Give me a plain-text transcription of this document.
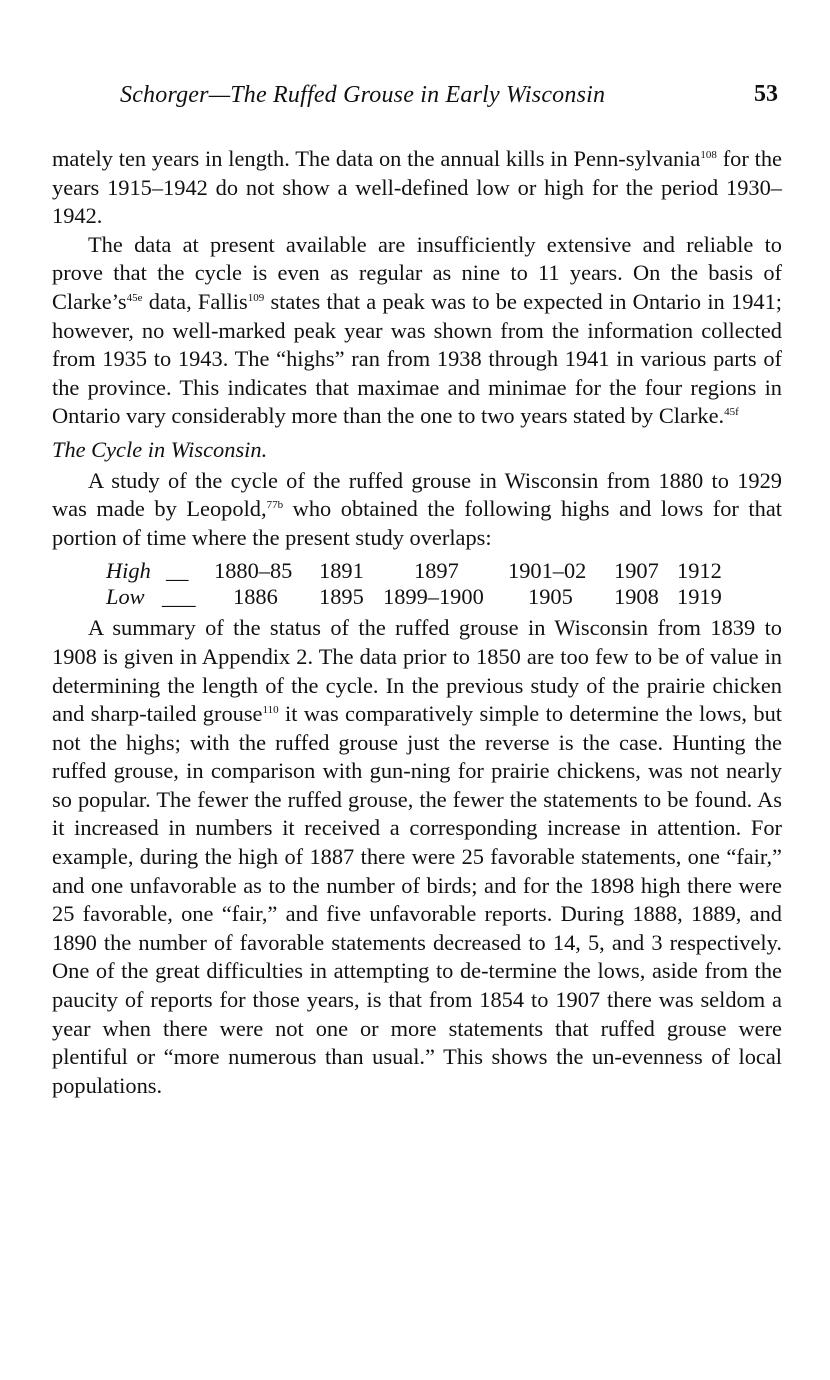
Schorger—The Ruffed Grouse in Early Wisconsin	53

mately ten years in length. The data on the annual kills in Penn-sylvania$^{108}$ for the years 1915–1942 do not show a well-defined low or high for the period 1930–1942.

The data at present available are insufficiently extensive and reliable to prove that the cycle is even as regular as nine to 11 years. On the basis of $Clarke’s^{45e}$ data, Fallis$^{109}$ states that a peak was to be expected in Ontario in 1941; however, no well-marked peak year was shown from the information collected from 1935 to 1943. The “highs” ran from 1938 through 1941 in various parts of the province. This indicates that maximae and minimae for the four regions in Ontario vary considerably more than the one to two years stated by Clarke.$^{45f}$

The Cycle in Wisconsin.

A study of the cycle of the ruffed grouse in Wisconsin from 1880 to 1929 was made by Leopold,$^{77b}$ who obtained the following highs and lows for that portion of time where the present study overlaps:

High __ 1880–85 1891 1897 1901–02 1907 1912
Low ___ 1886 1895 1899–1900 1905 1908 1919

A summary of the status of the ruffed grouse in Wisconsin from 1839 to 1908 is given in Appendix 2. The data prior to 1850 are too few to be of value in determining the length of the cycle. In the previous study of the prairie chicken and sharp-tailed grouse$^{110}$ it was comparatively simple to determine the lows, but not the highs; with the ruffed grouse just the reverse is the case. Hunting the ruffed grouse, in comparison with gun-ning for prairie chickens, was not nearly so popular. The fewer the ruffed grouse, the fewer the statements to be found. As it increased in numbers it received a corresponding increase in attention. For example, during the high of 1887 there were 25 favorable statements, one “fair,” and one unfavorable as to the number of birds; and for the 1898 high there were 25 favorable, one “fair,” and five unfavorable reports. During 1888, 1889, and 1890 the number of favorable statements decreased to 14, 5, and 3 respectively. One of the great difficulties in attempting to de-termine the lows, aside from the paucity of reports for those years, is that from 1854 to 1907 there was seldom a year when there were not one or more statements that ruffed grouse were plentiful or “more numerous than usual.” This shows the un-evenness of local populations.
